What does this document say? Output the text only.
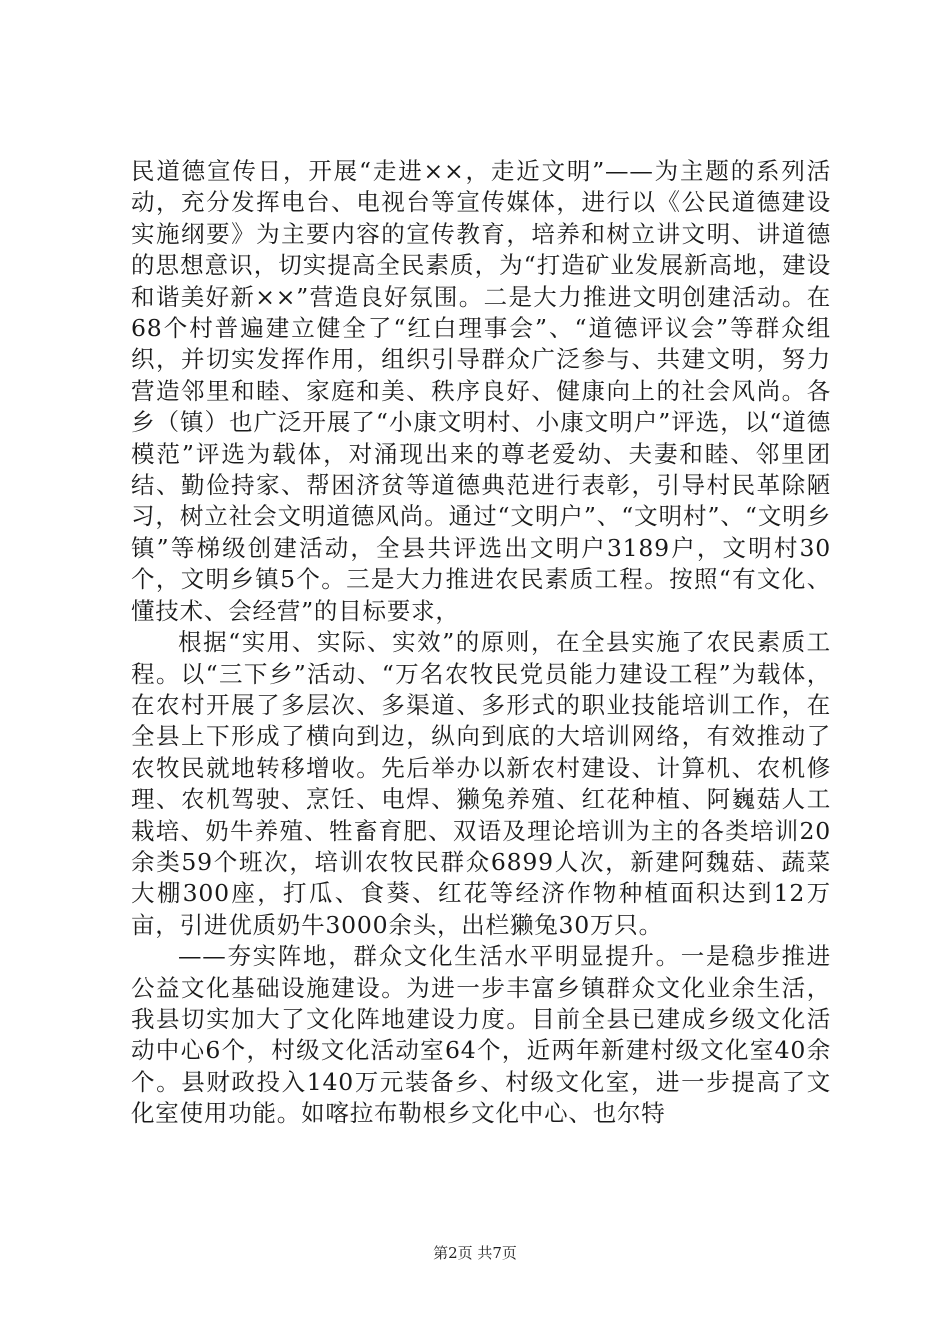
民道德宣传日，开展“走进××，走近文明”——为主题的系列活动，充分发挥电台、电视台等宣传媒体，进行以《公民道德建设实施纲要》为主要内容的宣传教育，培养和树立讲文明、讲道德的思想意识，切实提高全民素质，为“打造矿业发展新高地，建设和谐美好新××”营造良好氛围。二是大力推进文明创建活动。在68个村普遍建立健全了“红白理事会”、“道德评议会”等群众组织，并切实发挥作用，组织引导群众广泛参与、共建文明，努力营造邻里和睦、家庭和美、秩序良好、健康向上的社会风尚。各乡（镇）也广泛开展了“小康文明村、小康文明户”评选，以“道德模范”评选为载体，对涌现出来的尊老爱幼、夫妻和睦、邻里团结、勤俭持家、帮困济贫等道德典范进行表彰，引导村民革除陋习，树立社会文明道德风尚。通过“文明户”、“文明村”、“文明乡镇”等梯级创建活动，全县共评选出文明户3189户，文明村30个，文明乡镇5个。三是大力推进农民素质工程。按照“有文化、懂技术、会经营”的目标要求，

根据“实用、实际、实效”的原则，在全县实施了农民素质工程。以“三下乡”活动、“万名农牧民党员能力建设工程”为载体，在农村开展了多层次、多渠道、多形式的职业技能培训工作，在全县上下形成了横向到边，纵向到底的大培训网络，有效推动了农牧民就地转移增收。先后举办以新农村建设、计算机、农机修理、农机驾驶、烹饪、电焊、獭兔养殖、红花种植、阿巍菇人工栽培、奶牛养殖、牲畜育肥、双语及理论培训为主的各类培训20余类59个班次，培训农牧民群众6899人次，新建阿魏菇、蔬菜大棚300座，打瓜、食葵、红花等经济作物种植面积达到12万亩，引进优质奶牛3000余头，出栏獭兔30万只。

——夯实阵地，群众文化生活水平明显提升。一是稳步推进公益文化基础设施建设。为进一步丰富乡镇群众文化业余生活，我县切实加大了文化阵地建设力度。目前全县已建成乡级文化活动中心6个，村级文化活动室64个，近两年新建村级文化室40余个。县财政投入140万元装备乡、村级文化室，进一步提高了文化室使用功能。如喀拉布勒根乡文化中心、也尔特

第2页 共7页
